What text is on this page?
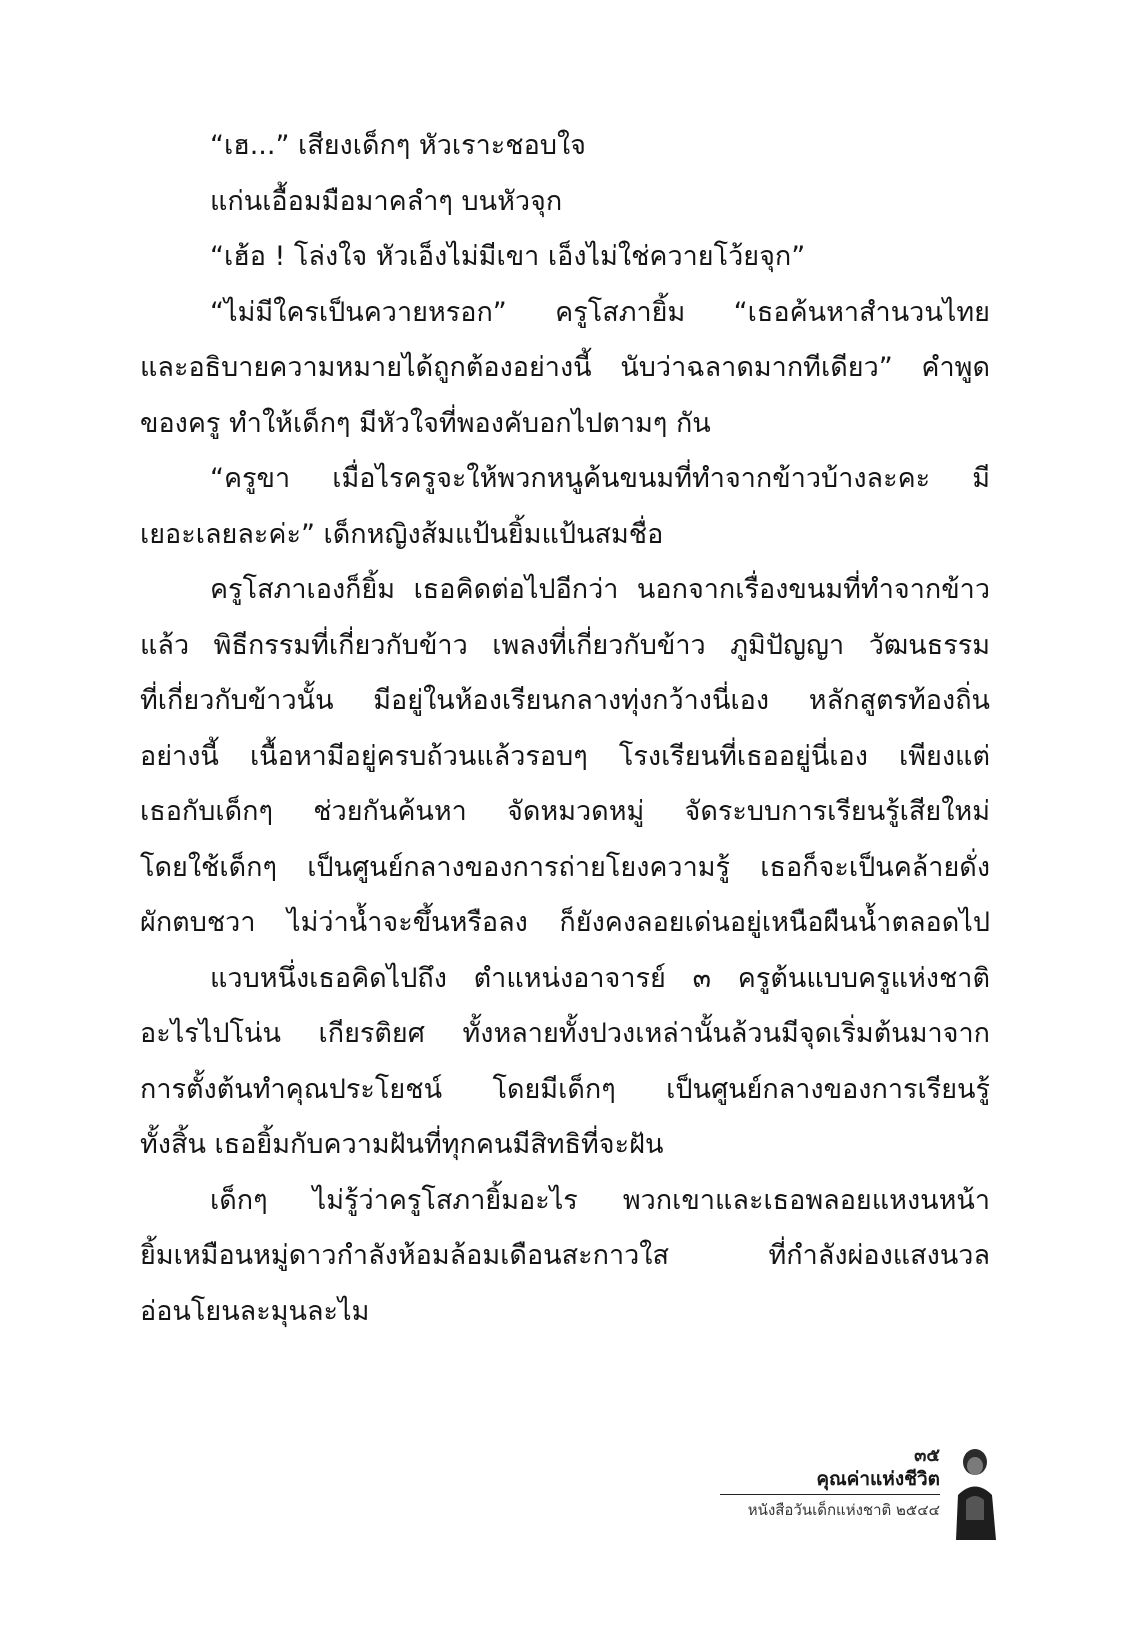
“เฮ...” เสียงเด็กๆ หัวเราะชอบใจ
แก่นเอื้อมมือมาคลำๆ บนหัวจุก
“เฮ้อ ! โล่งใจ หัวเอ็งไม่มีเขา เอ็งไม่ใช่ควายโว้ยจุก”
“ไม่มีใครเป็นควายหรอก” ครูโสภายิ้ม “เธอค้นหาสำนวนไทย
และอธิบายความหมายได้ถูกต้องอย่างนี้ นับว่าฉลาดมากทีเดียว” คำพูด
ของครู ทำให้เด็กๆ มีหัวใจที่พองคับอกไปตามๆ กัน
“ครูขา เมื่อไรครูจะให้พวกหนูค้นขนมที่ทำจากข้าวบ้างละคะ มี
เยอะเลยละค่ะ” เด็กหญิงส้มแป้นยิ้มแป้นสมชื่อ
ครูโสภาเองก็ยิ้ม เธอคิดต่อไปอีกว่า นอกจากเรื่องขนมที่ทำจากข้าว
แล้ว พิธีกรรมที่เกี่ยวกับข้าว เพลงที่เกี่ยวกับข้าว ภูมิปัญญา วัฒนธรรม
ที่เกี่ยวกับข้าวนั้น มีอยู่ในห้องเรียนกลางทุ่งกว้างนี่เอง หลักสูตรท้องถิ่น
อย่างนี้ เนื้อหามีอยู่ครบถ้วนแล้วรอบๆ โรงเรียนที่เธออยู่นี่เอง เพียงแต่
เธอกับเด็กๆ ช่วยกันค้นหา จัดหมวดหมู่ จัดระบบการเรียนรู้เสียใหม่
โดยใช้เด็กๆ เป็นศูนย์กลางของการถ่ายโยงความรู้ เธอก็จะเป็นคล้ายดั่ง
ผักตบชวา ไม่ว่าน้ำจะขึ้นหรือลง ก็ยังคงลอยเด่นอยู่เหนือผืนน้ำตลอดไป
แวบหนึ่งเธอคิดไปถึง ตำแหน่งอาจารย์ ๓ ครูต้นแบบครูแห่งชาติ
อะไรไปโน่น เกียรติยศ ทั้งหลายทั้งปวงเหล่านั้นล้วนมีจุดเริ่มต้นมาจาก
การตั้งต้นทำคุณประโยชน์ โดยมีเด็กๆ เป็นศูนย์กลางของการเรียนรู้
ทั้งสิ้น เธอยิ้มกับความฝันที่ทุกคนมีสิทธิที่จะฝัน
เด็กๆ ไม่รู้ว่าครูโสภายิ้มอะไร พวกเขาและเธอพลอยแหงนหน้า
ยิ้มเหมือนหมู่ดาวกำลังห้อมล้อมเดือนสะกาวใส ที่กำลังผ่องแสงนวล
อ่อนโยนละมุนละไม
๓๕
คุณค่าแห่งชีวิต
หนังสือวันเด็กแห่งชาติ ๒๕๔๔
